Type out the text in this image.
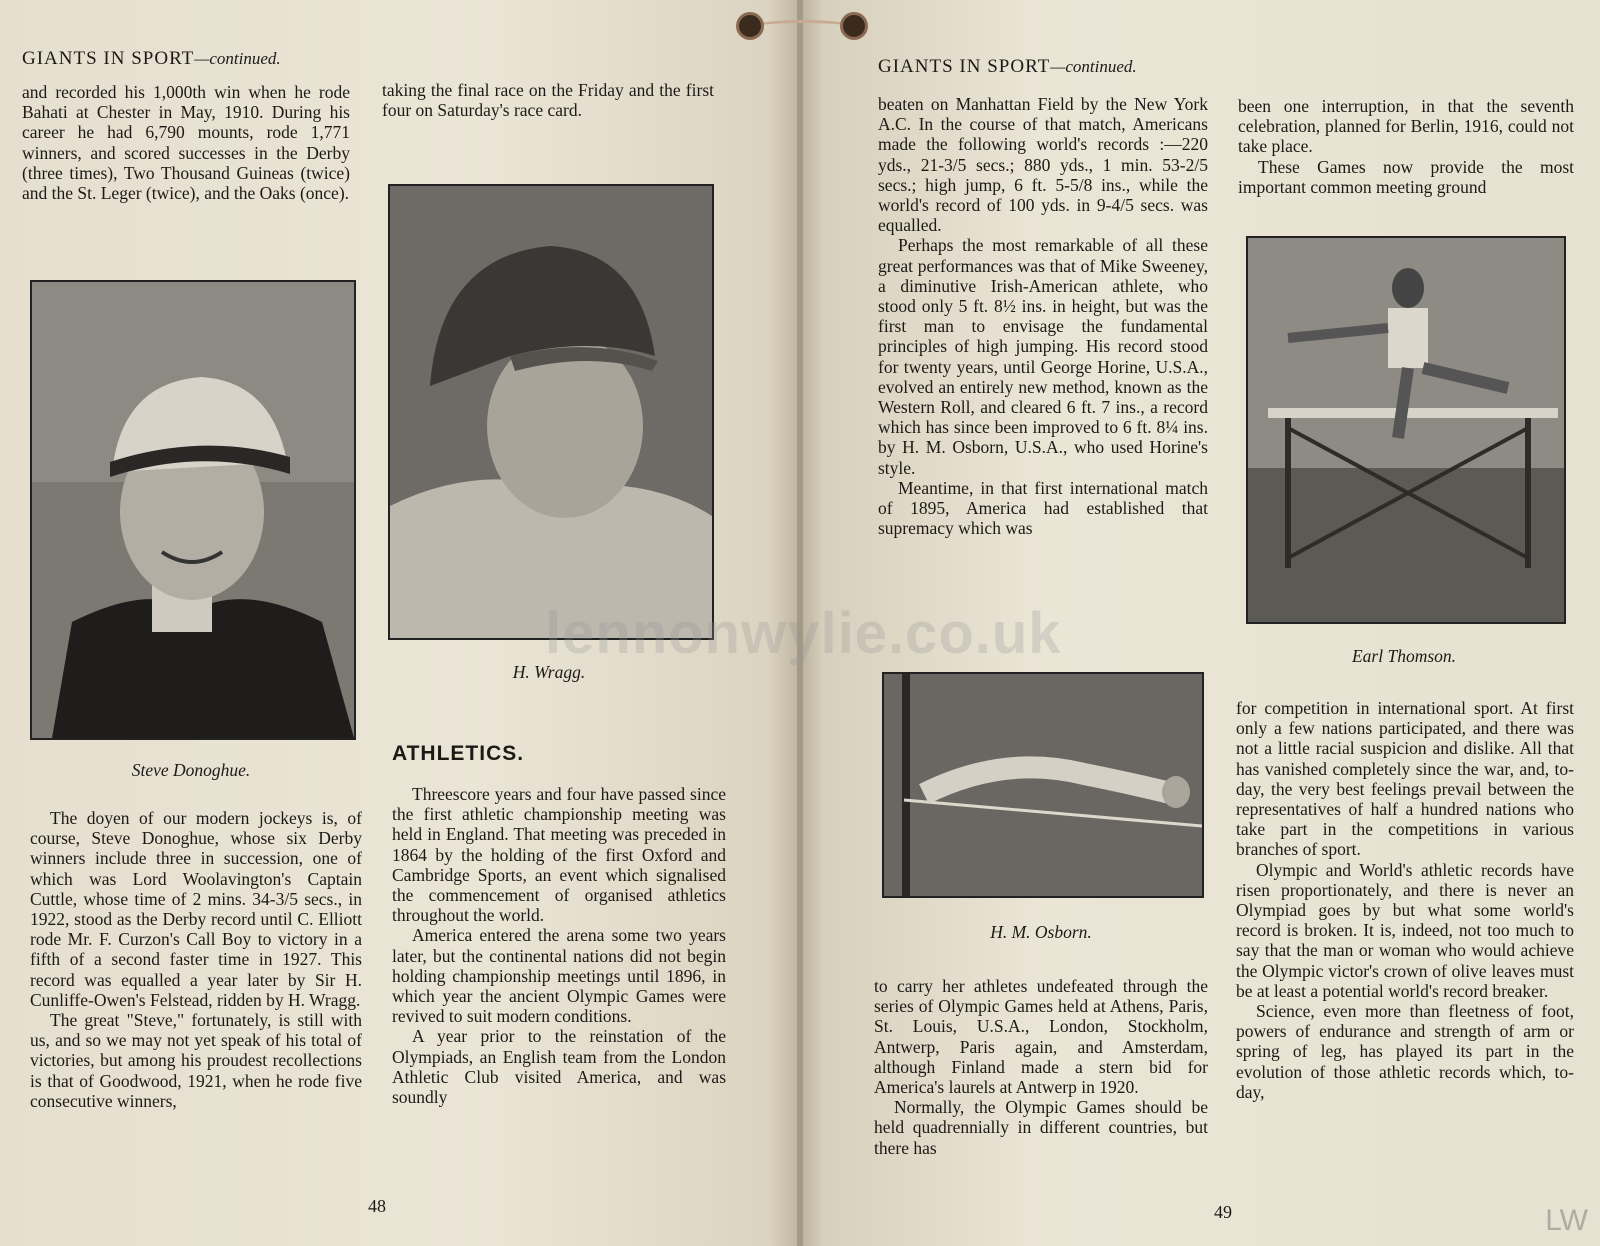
GIANTS IN SPORT—continued.

and recorded his 1,000th win when he rode Bahati at Chester in May, 1910. During his career he had 6,790 mounts, rode 1,771 winners, and scored successes in the Derby (three times), Two Thousand Guineas (twice) and the St. Leger (twice), and the Oaks (once).

taking the final race on the Friday and the first four on Saturday's race card.

Steve Donoghue.
H. Wragg.

The doyen of our modern jockeys is, of course, Steve Donoghue, whose six Derby winners include three in succession, one of which was Lord Woolavington's Captain Cuttle, whose time of 2 mins. 34-3/5 secs., in 1922, stood as the Derby record until C. Elliott rode Mr. F. Curzon's Call Boy to victory in a fifth of a second faster time in 1927. This record was equalled a year later by Sir H. Cunliffe-Owen's Felstead, ridden by H. Wragg.

The great "Steve," fortunately, is still with us, and so we may not yet speak of his total of victories, but among his proudest recollections is that of Goodwood, 1921, when he rode five consecutive winners,

ATHLETICS.

Threescore years and four have passed since the first athletic championship meeting was held in England. That meeting was preceded in 1864 by the holding of the first Oxford and Cambridge Sports, an event which signalised the commencement of organised athletics throughout the world.

America entered the arena some two years later, but the continental nations did not begin holding championship meetings until 1896, in which year the ancient Olympic Games were revived to suit modern conditions.

A year prior to the reinstation of the Olympiads, an English team from the London Athletic Club visited America, and was soundly

48
GIANTS IN SPORT—continued.

beaten on Manhattan Field by the New York A.C. In the course of that match, Americans made the following world's records :—220 yds., 21-3/5 secs.; 880 yds., 1 min. 53-2/5 secs.; high jump, 6 ft. 5-5/8 ins., while the world's record of 100 yds. in 9-4/5 secs. was equalled.

Perhaps the most remarkable of all these great performances was that of Mike Sweeney, a diminutive Irish-American athlete, who stood only 5 ft. 8½ ins. in height, but was the first man to envisage the fundamental principles of high jumping. His record stood for twenty years, until George Horine, U.S.A., evolved an entirely new method, known as the Western Roll, and cleared 6 ft. 7 ins., a record which has since been improved to 6 ft. 8¼ ins. by H. M. Osborn, U.S.A., who used Horine's style.

Meantime, in that first international match of 1895, America had established that supremacy which was

been one interruption, in that the seventh celebration, planned for Berlin, 1916, could not take place.

These Games now provide the most important common meeting ground

Earl Thomson.
H. M. Osborn.

to carry her athletes undefeated through the series of Olympic Games held at Athens, Paris, St. Louis, U.S.A., London, Stockholm, Antwerp, Paris again, and Amsterdam, although Finland made a stern bid for America's laurels at Antwerp in 1920.

Normally, the Olympic Games should be held quadrennially in different countries, but there has

for competition in international sport. At first only a few nations participated, and there was not a little racial suspicion and dislike. All that has vanished completely since the war, and, to-day, the very best feelings prevail between the representatives of half a hundred nations who take part in the competitions in various branches of sport.

Olympic and World's athletic records have risen proportionately, and there is never an Olympiad goes by but what some world's record is broken. It is, indeed, not too much to say that the man or woman who would achieve the Olympic victor's crown of olive leaves must be at least a potential world's record breaker.

Science, even more than fleetness of foot, powers of endurance and strength of arm or spring of leg, has played its part in the evolution of those athletic records which, to-day,

49
lennonwylie.co.uk
LW
